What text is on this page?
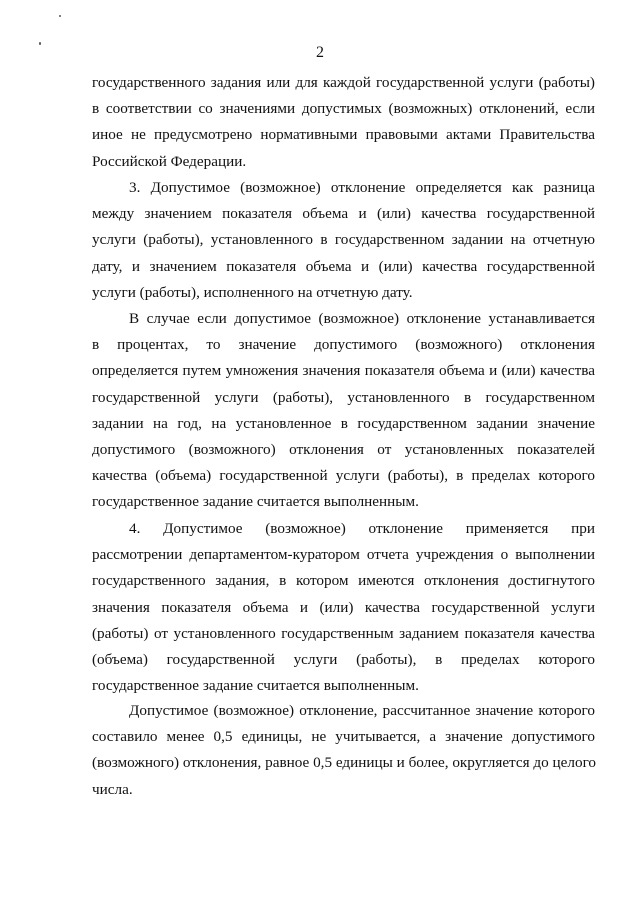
2
государственного задания или для каждой государственной услуги (работы)
в соответствии со значениями допустимых (возможных) отклонений, если
иное не предусмотрено нормативными правовыми актами Правительства
Российской Федерации.
3. Допустимое (возможное) отклонение определяется как разница
между значением показателя объема и (или) качества государственной
услуги (работы), установленного в государственном задании на отчетную
дату, и значением показателя объема и (или) качества государственной
услуги (работы), исполненного на отчетную дату.
В случае если допустимое (возможное) отклонение устанавливается
в процентах, то значение допустимого (возможного) отклонения
определяется путем умножения значения показателя объема и (или) качества
государственной услуги (работы), установленного в государственном
задании на год, на установленное в государственном задании значение
допустимого (возможного) отклонения от установленных показателей
качества (объема) государственной услуги (работы), в пределах которого
государственное задание считается выполненным.
4. Допустимое (возможное) отклонение применяется при
рассмотрении департаментом-куратором отчета учреждения о выполнении
государственного задания, в котором имеются отклонения достигнутого
значения показателя объема и (или) качества государственной услуги
(работы) от установленного государственным заданием показателя качества
(объема) государственной услуги (работы), в пределах которого
государственное задание считается выполненным.
Допустимое (возможное) отклонение, рассчитанное значение которого
составило менее 0,5 единицы, не учитывается, а значение допустимого
(возможного) отклонения, равное 0,5 единицы и более, округляется до целого
числа.
